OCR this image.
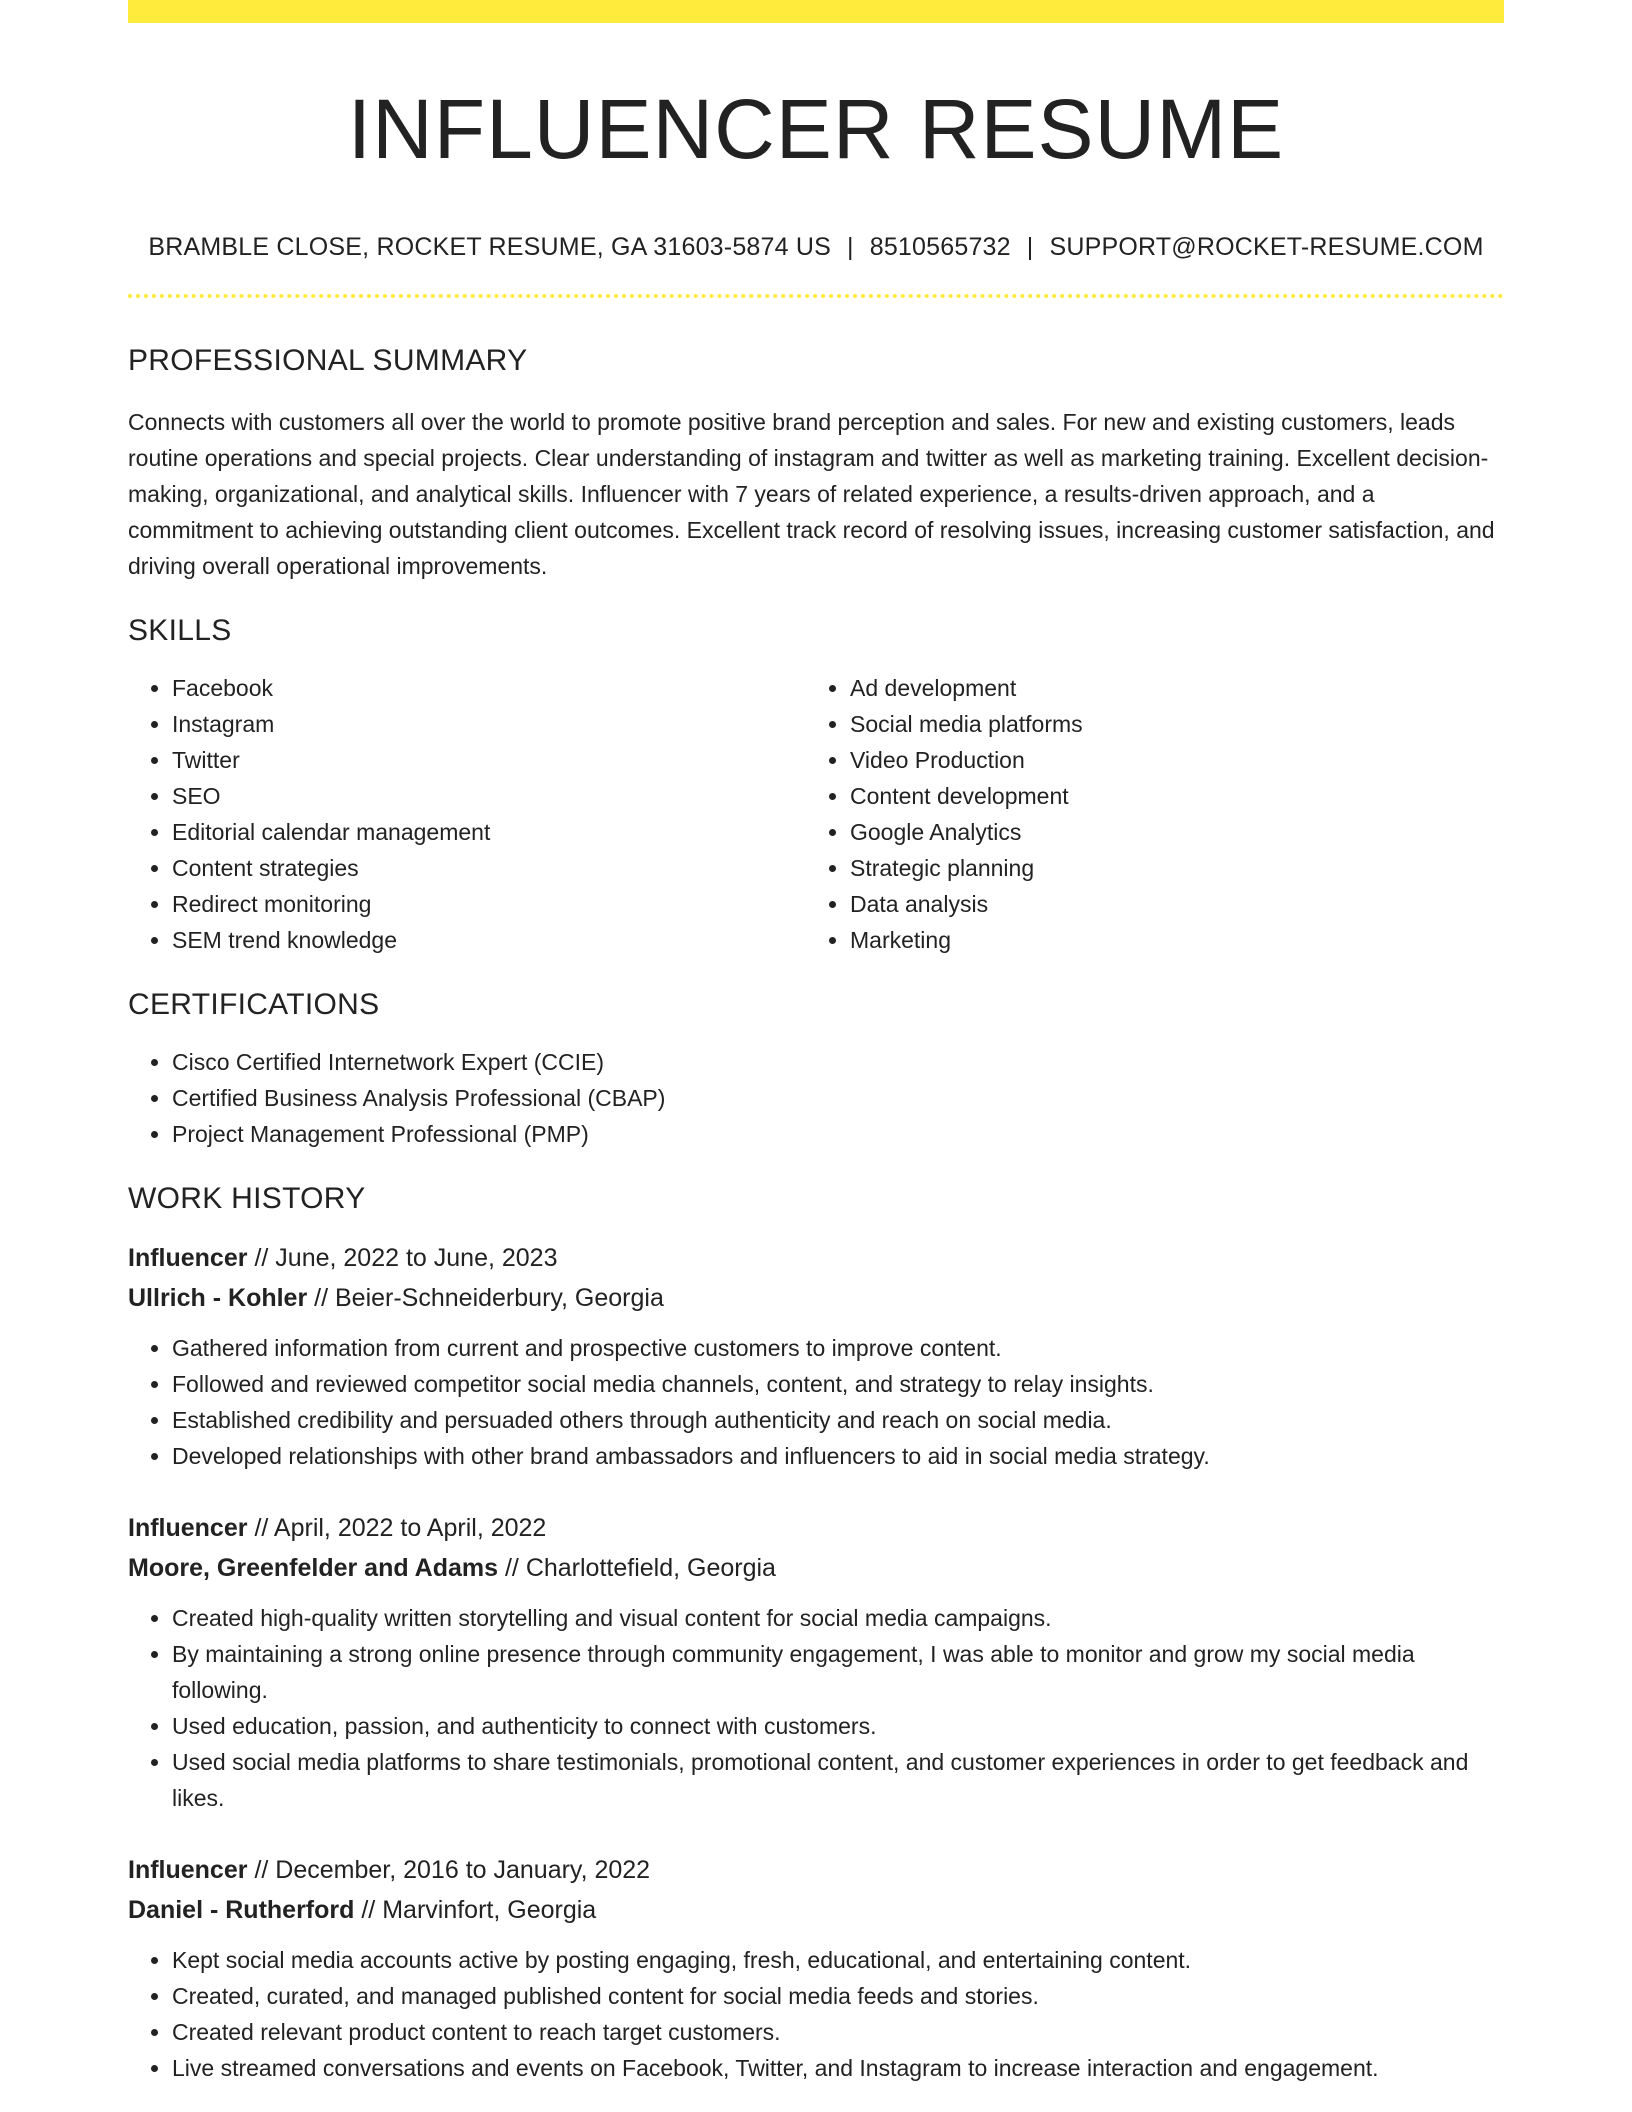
INFLUENCER RESUME
BRAMBLE CLOSE, ROCKET RESUME, GA 31603-5874 US | 8510565732 | SUPPORT@ROCKET-RESUME.COM
PROFESSIONAL SUMMARY

Connects with customers all over the world to promote positive brand perception and sales. For new and existing customers, leads routine operations and special projects. Clear understanding of instagram and twitter as well as marketing training. Excellent decision-making, organizational, and analytical skills. Influencer with 7 years of related experience, a results-driven approach, and a commitment to achieving outstanding client outcomes. Excellent track record of resolving issues, increasing customer satisfaction, and driving overall operational improvements.

SKILLS
• Facebook
• Instagram
• Twitter
• SEO
• Editorial calendar management
• Content strategies
• Redirect monitoring
• SEM trend knowledge
• Ad development
• Social media platforms
• Video Production
• Content development
• Google Analytics
• Strategic planning
• Data analysis
• Marketing
CERTIFICATIONS
• Cisco Certified Internetwork Expert (CCIE)
• Certified Business Analysis Professional (CBAP)
• Project Management Professional (PMP)
WORK HISTORY
Influencer // June, 2022 to June, 2023
Ullrich - Kohler // Beier-Schneiderbury, Georgia
• Gathered information from current and prospective customers to improve content.
• Followed and reviewed competitor social media channels, content, and strategy to relay insights.
• Established credibility and persuaded others through authenticity and reach on social media.
• Developed relationships with other brand ambassadors and influencers to aid in social media strategy.
Influencer // April, 2022 to April, 2022
Moore, Greenfelder and Adams // Charlottefield, Georgia
• Created high-quality written storytelling and visual content for social media campaigns.
• By maintaining a strong online presence through community engagement, I was able to monitor and grow my social media following.
• Used education, passion, and authenticity to connect with customers.
• Used social media platforms to share testimonials, promotional content, and customer experiences in order to get feedback and likes.
Influencer // December, 2016 to January, 2022
Daniel - Rutherford // Marvinfort, Georgia
• Kept social media accounts active by posting engaging, fresh, educational, and entertaining content.
• Created, curated, and managed published content for social media feeds and stories.
• Created relevant product content to reach target customers.
• Live streamed conversations and events on Facebook, Twitter, and Instagram to increase interaction and engagement.
